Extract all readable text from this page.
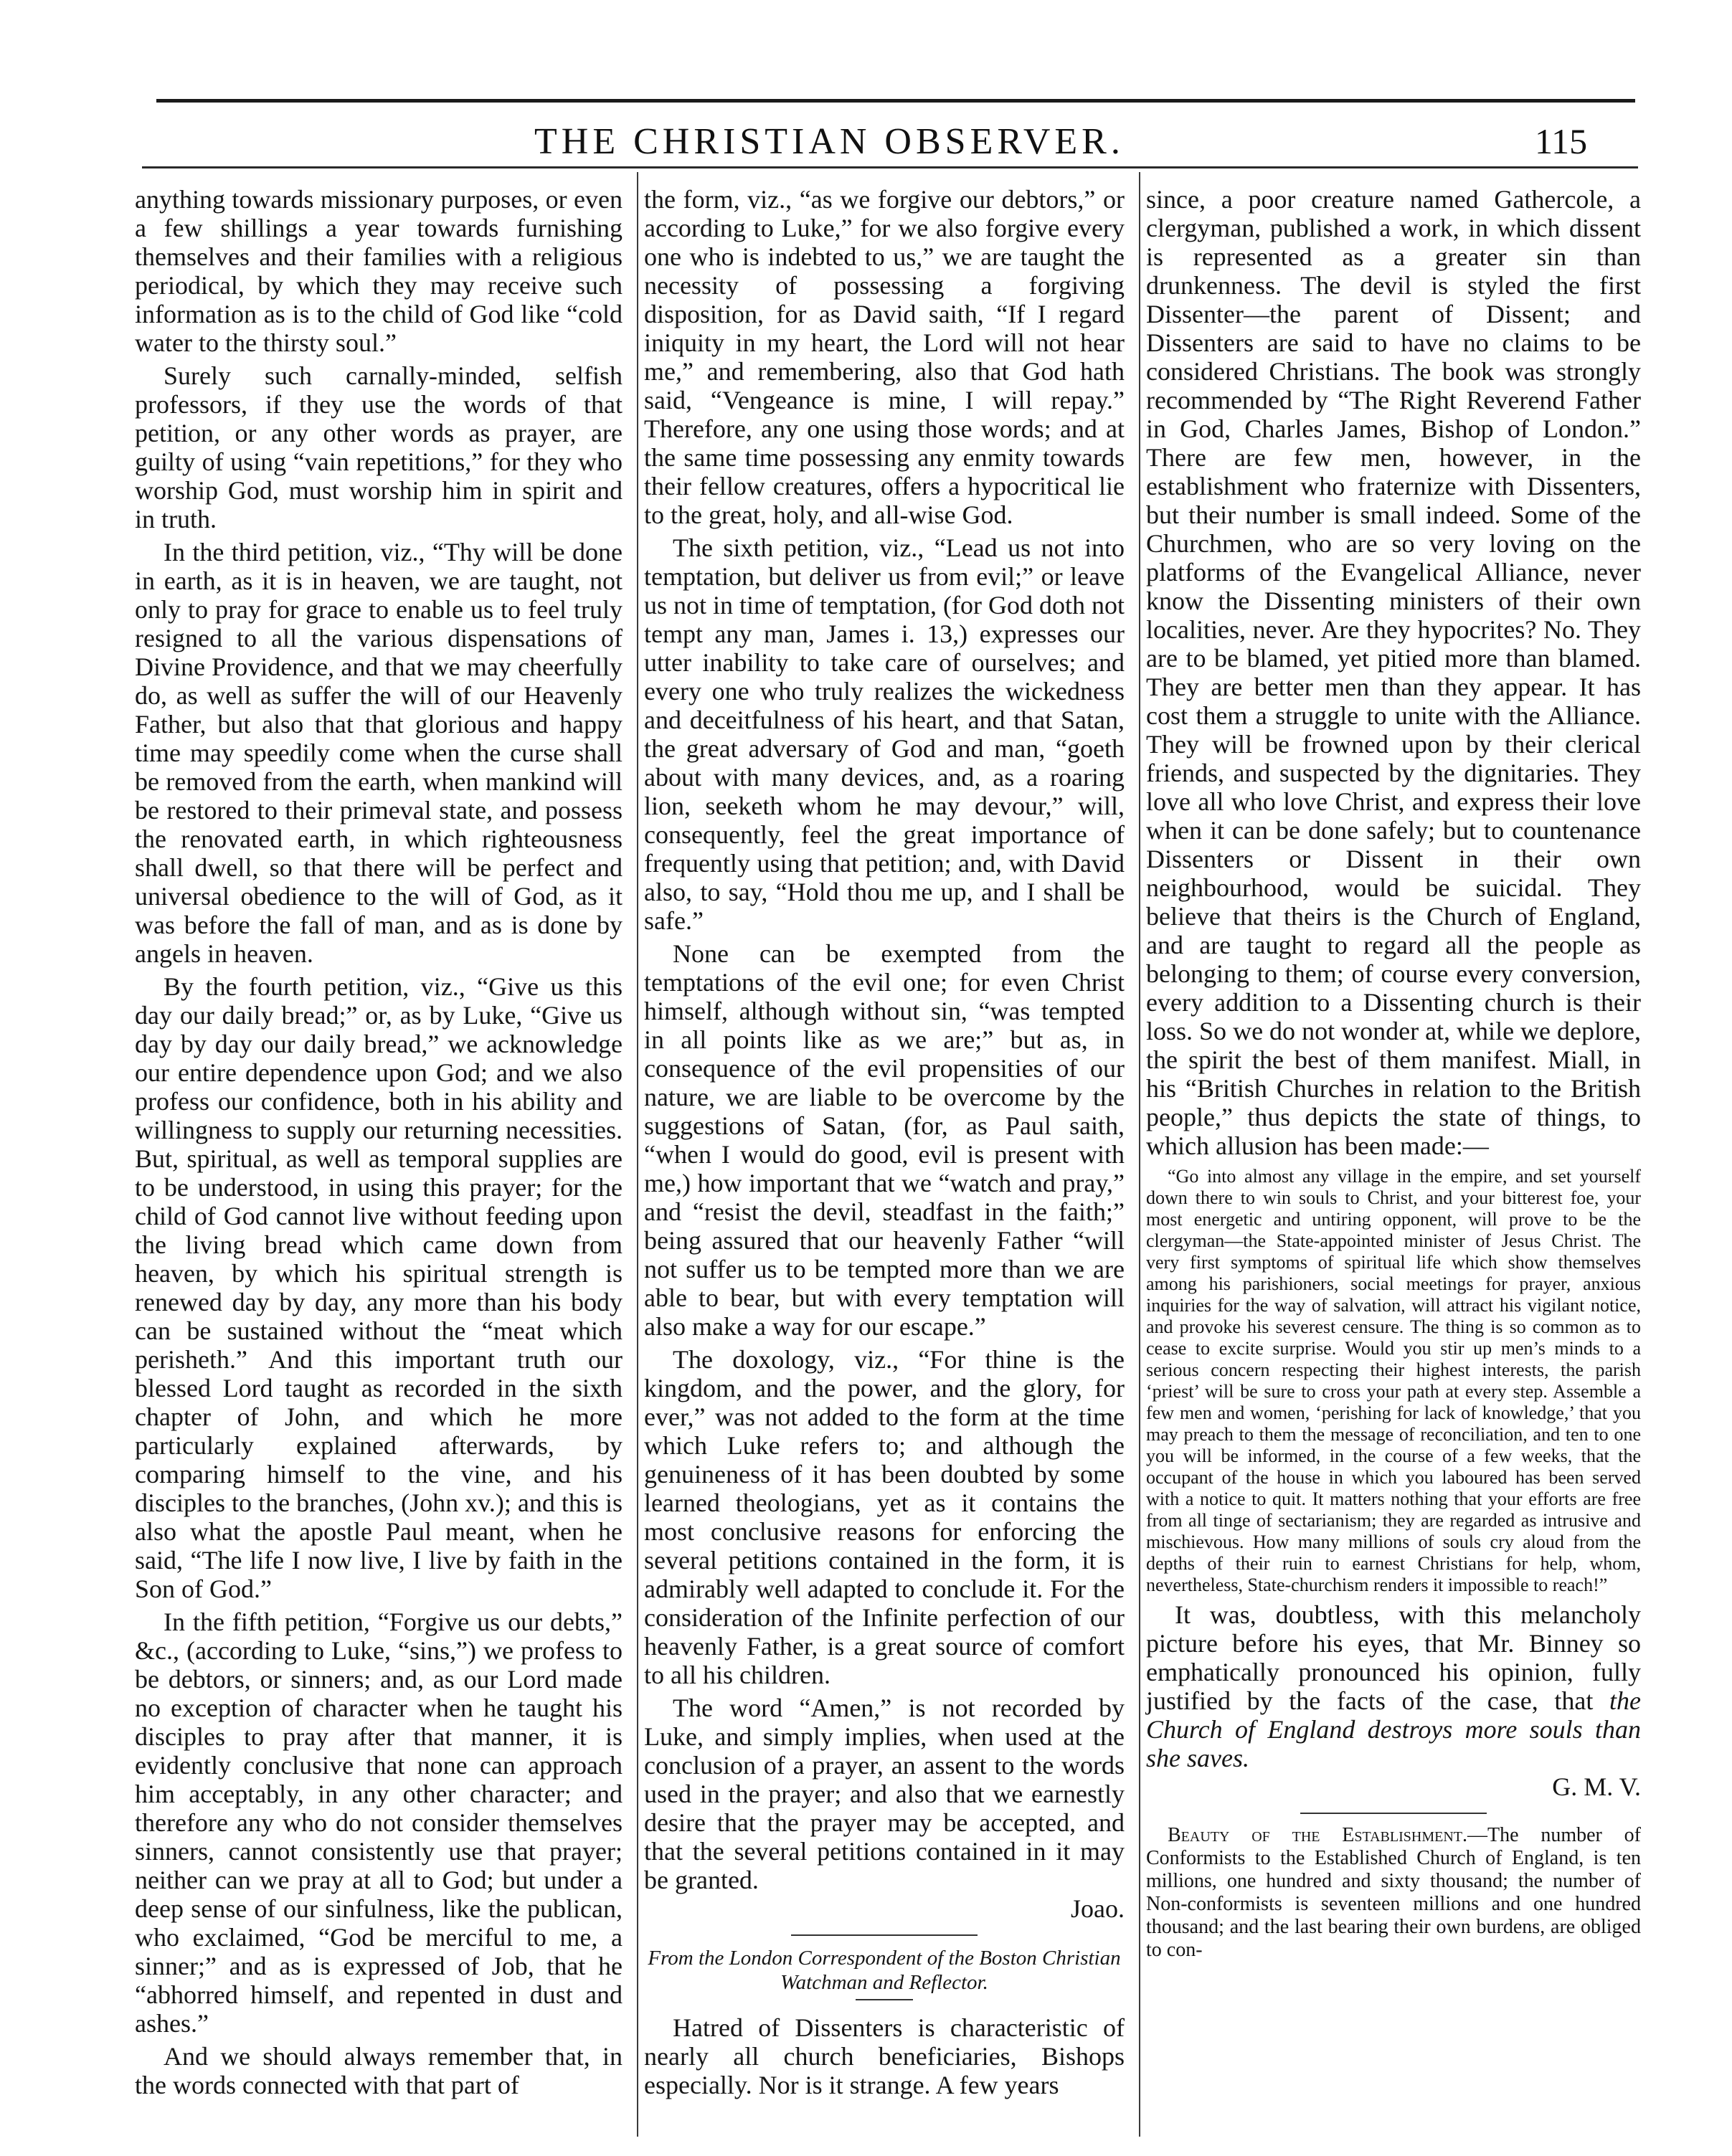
THE CHRISTIAN OBSERVER.	115

anything towards missionary purposes, or even a few shillings a year towards furnishing themselves and their families with a religious periodical, by which they may receive such information as is to the child of God like “cold water to the thirsty soul.”

Surely such carnally-minded, selfish professors, if they use the words of that petition, or any other words as prayer, are guilty of using “vain repetitions,” for they who worship God, must worship him in spirit and in truth.

In the third petition, viz., “Thy will be done in earth, as it is in heaven, we are taught, not only to pray for grace to enable us to feel truly resigned to all the various dispensations of Divine Providence, and that we may cheerfully do, as well as suffer the will of our Heavenly Father, but also that that glorious and happy time may speedily come when the curse shall be removed from the earth, when mankind will be restored to their primeval state, and possess the renovated earth, in which righteousness shall dwell, so that there will be perfect and universal obedience to the will of God, as it was before the fall of man, and as is done by angels in heaven.

By the fourth petition, viz., “Give us this day our daily bread;” or, as by Luke, “Give us day by day our daily bread,” we acknowledge our entire dependence upon God; and we also profess our confidence, both in his ability and willingness to supply our returning necessities. But, spiritual, as well as temporal supplies are to be understood, in using this prayer; for the child of God cannot live without feeding upon the living bread which came down from heaven, by which his spiritual strength is renewed day by day, any more than his body can be sustained without the “meat which perisheth.” And this important truth our blessed Lord taught as recorded in the sixth chapter of John, and which he more particularly explained afterwards, by comparing himself to the vine, and his disciples to the branches, (John xv.); and this is also what the apostle Paul meant, when he said, “The life I now live, I live by faith in the Son of God.”

In the fifth petition, “Forgive us our debts,” &c., (according to Luke, “sins,”) we profess to be debtors, or sinners; and, as our Lord made no exception of character when he taught his disciples to pray after that manner, it is evidently conclusive that none can approach him acceptably, in any other character; and therefore any who do not consider themselves sinners, cannot consistently use that prayer; neither can we pray at all to God; but under a deep sense of our sinfulness, like the publican, who exclaimed, “God be merciful to me, a sinner;” and as is expressed of Job, that he “abhorred himself, and repented in dust and ashes.”

And we should always remember that, in the words connected with that part of

the form, viz., “as we forgive our debtors,” or according to Luke,” for we also forgive every one who is indebted to us,” we are taught the necessity of possessing a forgiving disposition, for as David saith, “If I regard iniquity in my heart, the Lord will not hear me,” and remembering, also that God hath said, “Vengeance is mine, I will repay.” Therefore, any one using those words; and at the same time possessing any enmity towards their fellow creatures, offers a hypocritical lie to the great, holy, and all-wise God.

The sixth petition, viz., “Lead us not into temptation, but deliver us from evil;” or leave us not in time of temptation, (for God doth not tempt any man, James i. 13,) expresses our utter inability to take care of ourselves; and every one who truly realizes the wickedness and deceitfulness of his heart, and that Satan, the great adversary of God and man, “goeth about with many devices, and, as a roaring lion, seeketh whom he may devour,” will, consequently, feel the great importance of frequently using that petition; and, with David also, to say, “Hold thou me up, and I shall be safe.”

None can be exempted from the temptations of the evil one; for even Christ himself, although without sin, “was tempted in all points like as we are;” but as, in consequence of the evil propensities of our nature, we are liable to be overcome by the suggestions of Satan, (for, as Paul saith, “when I would do good, evil is present with me,) how important that we “watch and pray,” and “resist the devil, steadfast in the faith;” being assured that our heavenly Father “will not suffer us to be tempted more than we are able to bear, but with every temptation will also make a way for our escape.”

The doxology, viz., “For thine is the kingdom, and the power, and the glory, for ever,” was not added to the form at the time which Luke refers to; and although the genuineness of it has been doubted by some learned theologians, yet as it contains the most conclusive reasons for enforcing the several petitions contained in the form, it is admirably well adapted to conclude it. For the consideration of the Infinite perfection of our heavenly Father, is a great source of comfort to all his children.

The word “Amen,” is not recorded by Luke, and simply implies, when used at the conclusion of a prayer, an assent to the words used in the prayer; and also that we earnestly desire that the prayer may be accepted, and that the several petitions contained in it may be granted.

Joao.

From the London Correspondent of the Boston Christian Watchman and Reflector.

Hatred of Dissenters is characteristic of nearly all church beneficiaries, Bishops especially. Nor is it strange. A few years

since, a poor creature named Gathercole, a clergyman, published a work, in which dissent is represented as a greater sin than drunkenness. The devil is styled the first Dissenter—the parent of Dissent; and Dissenters are said to have no claims to be considered Christians. The book was strongly recommended by “The Right Reverend Father in God, Charles James, Bishop of London.” There are few men, however, in the establishment who fraternize with Dissenters, but their number is small indeed. Some of the Churchmen, who are so very loving on the platforms of the Evangelical Alliance, never know the Dissenting ministers of their own localities, never. Are they hypocrites? No. They are to be blamed, yet pitied more than blamed. They are better men than they appear. It has cost them a struggle to unite with the Alliance. They will be frowned upon by their clerical friends, and suspected by the dignitaries. They love all who love Christ, and express their love when it can be done safely; but to countenance Dissenters or Dissent in their own neighbourhood, would be suicidal. They believe that theirs is the Church of England, and are taught to regard all the people as belonging to them; of course every conversion, every addition to a Dissenting church is their loss. So we do not wonder at, while we deplore, the spirit the best of them manifest. Miall, in his “British Churches in relation to the British people,” thus depicts the state of things, to which allusion has been made:—

“Go into almost any village in the empire, and set yourself down there to win souls to Christ, and your bitterest foe, your most energetic and untiring opponent, will prove to be the clergyman—the State-appointed minister of Jesus Christ. The very first symptoms of spiritual life which show themselves among his parishioners, social meetings for prayer, anxious inquiries for the way of salvation, will attract his vigilant notice, and provoke his severest censure. The thing is so common as to cease to excite surprise. Would you stir up men’s minds to a serious concern respecting their highest interests, the parish ‘priest’ will be sure to cross your path at every step. Assemble a few men and women, ‘perishing for lack of knowledge,’ that you may preach to them the message of reconciliation, and ten to one you will be informed, in the course of a few weeks, that the occupant of the house in which you laboured has been served with a notice to quit. It matters nothing that your efforts are free from all tinge of sectarianism; they are regarded as intrusive and mischievous. How many millions of souls cry aloud from the depths of their ruin to earnest Christians for help, whom, nevertheless, State-churchism renders it impossible to reach!”

It was, doubtless, with this melancholy picture before his eyes, that Mr. Binney so emphatically pronounced his opinion, fully justified by the facts of the case, that the Church of England destroys more souls than she saves.

G. M. V.

Beauty of the Establishment.—The number of Conformists to the Established Church of England, is ten millions, one hundred and sixty thousand; the number of Non-conformists is seventeen millions and one hundred thousand; and the last bearing their own burdens, are obliged to con-
